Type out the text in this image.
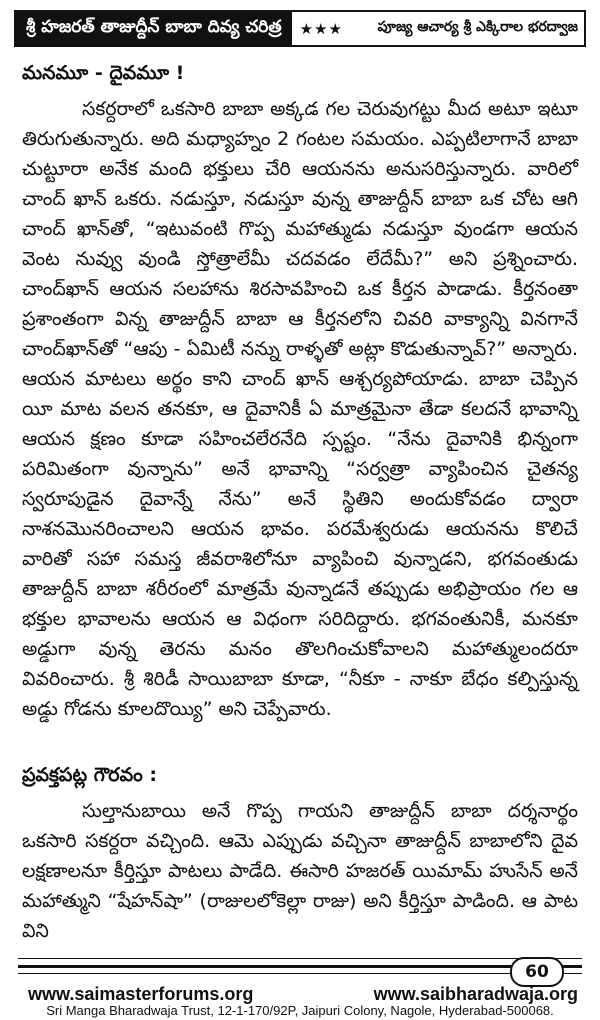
శ్రీ హజరత్ తాజుద్దీన్ బాబా దివ్య చరిత్ర	★★★	పూజ్య ఆచార్య శ్రీ ఎక్కిరాల భరద్వాజ
మనమూ - దైవమూ !

సకర్దరాలో ఒకసారి బాబా అక్కడ గల చెరువుగట్టు మీద అటూ ఇటూ తిరుగుతున్నారు. అది మధ్యాహ్నం 2 గంటల సమయం. ఎప్పటిలాగానే బాబా చుట్టూరా అనేక మంది భక్తులు చేరి ఆయనను అనుసరిస్తున్నారు. వారిలో చాంద్ ఖాన్ ఒకరు. నడుస్తూ, నడుస్తూ వున్న తాజుద్దీన్ బాబా ఒక చోట ఆగి చాంద్ ఖాన్‌తో, “ఇటువంటి గొప్ప మహాత్ముడు నడుస్తూ వుండగా ఆయన వెంట నువ్వు వుండి స్తోత్రాలేమీ చదవడం లేదేమీ?” అని ప్రశ్నించారు. చాంద్‌ఖాన్ ఆయన సలహాను శిరసావహించి ఒక కీర్తన పాడాడు. కీర్తనంతా ప్రశాంతంగా విన్న తాజుద్దీన్ బాబా ఆ కీర్తనలోని చివరి వాక్యాన్ని వినగానే చాంద్‌ఖాన్‌తో “ఆపు - ఏమిటీ నన్ను రాళ్ళతో అట్లా కొడుతున్నావ్?” అన్నారు. ఆయన మాటలు అర్థం కాని చాంద్ ఖాన్ ఆశ్చర్యపోయాడు. బాబా చెప్పిన యీ మాట వలన తనకూ, ఆ దైవానికీ ఏ మాత్రమైనా తేడా కలదనే భావాన్ని ఆయన క్షణం కూడా సహించలేరనేది స్పష్టం. “నేను దైవానికి భిన్నంగా పరిమితంగా వున్నాను” అనే భావాన్ని “సర్వత్రా వ్యాపించిన చైతన్య స్వరూపుడైన దైవాన్నే నేను” అనే స్థితిని అందుకోవడం ద్వారా నాశనమొనరించాలని ఆయన భావం. పరమేశ్వరుడు ఆయనను కొలిచే వారితో సహా సమస్త జీవరాశిలోనూ వ్యాపించి వున్నాడని, భగవంతుడు తాజుద్దీన్ బాబా శరీరంలో మాత్రమే వున్నాడనే తప్పుడు అభిప్రాయం గల ఆ భక్తుల భావాలను ఆయన ఆ విధంగా సరిదిద్దారు. భగవంతునికీ, మనకూ అడ్డుగా వున్న తెరను మనం తొలగించుకోవాలని మహాత్ములందరూ వివరించారు. శ్రీ శిరిడీ సాయిబాబా కూడా, “నీకూ - నాకూ బేధం కల్పిస్తున్న అడ్డు గోడను కూలదొయ్యి” అని చెప్పేవారు.

ప్రవక్తపట్ల గౌరవం :

సుల్తానుబాయి అనే గొప్ప గాయని తాజుద్దీన్ బాబా దర్శనార్థం ఒకసారి సకర్దరా వచ్చింది. ఆమె ఎప్పుడు వచ్చినా తాజుద్దీన్ బాబాలోని దైవ లక్షణాలనూ కీర్తిస్తూ పాటలు పాడేది. ఈసారి హజరత్ యిమామ్ హుసేన్ అనే మహాత్ముని “షేహన్‌షా” (రాజులలోకెల్లా రాజు) అని కీర్తిస్తూ పాడింది. ఆ పాట విని

60
www.saimasterforums.org	www.saibharadwaja.org
Sri Manga Bharadwaja Trust, 12-1-170/92P, Jaipuri Colony, Nagole, Hyderabad-500068.
